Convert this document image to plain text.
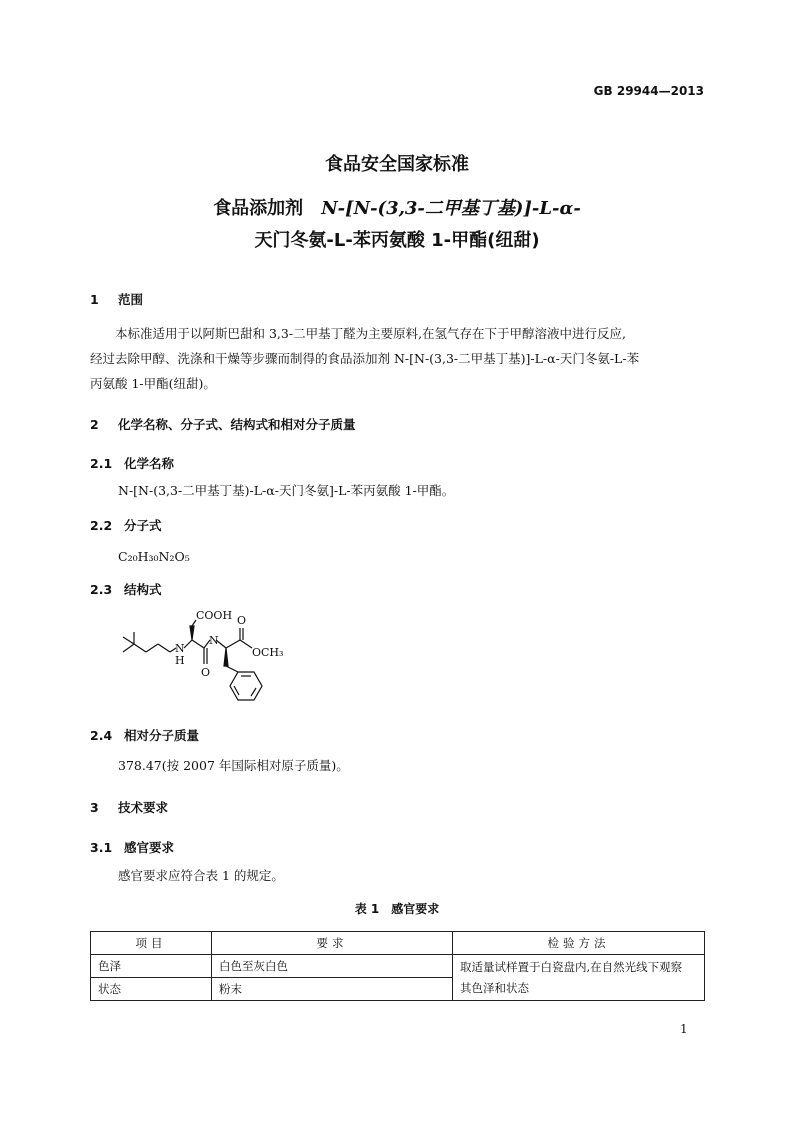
GB 29944—2013
食品安全国家标准
食品添加剂　N-[N-(3,3-二甲基丁基)]-L-α-
天门冬氨-L-苯丙氨酸 1-甲酯(纽甜)
1 范围
本标准适用于以阿斯巴甜和 3,3-二甲基丁醛为主要原料,在氢气存在下于甲醇溶液中进行反应,
经过去除甲醇、洗涤和干燥等步骤而制得的食品添加剂 N-[N-(3,3-二甲基丁基)]-L-α-天门冬氨-L-苯
丙氨酸 1-甲酯(纽甜)。
2 化学名称、分子式、结构式和相对分子质量
2.1 化学名称
N-[N-(3,3-二甲基丁基)-L-α-天门冬氨]-L-苯丙氨酸 1-甲酯。
2.2 分子式
C₂₀H₃₀N₂O₅
2.3 结构式
COOH
N
H
O
N
O
OCH₃
2.4 相对分子质量
378.47(按 2007 年国际相对原子质量)。
3 技术要求
3.1 感官要求
感官要求应符合表 1 的规定。
表 1　感官要求
项目	要求	检验方法
色泽	白色至灰白色	取适量试样置于白瓷盘内,在自然光线下观察
其色泽和状态

状态	粉末	
1
